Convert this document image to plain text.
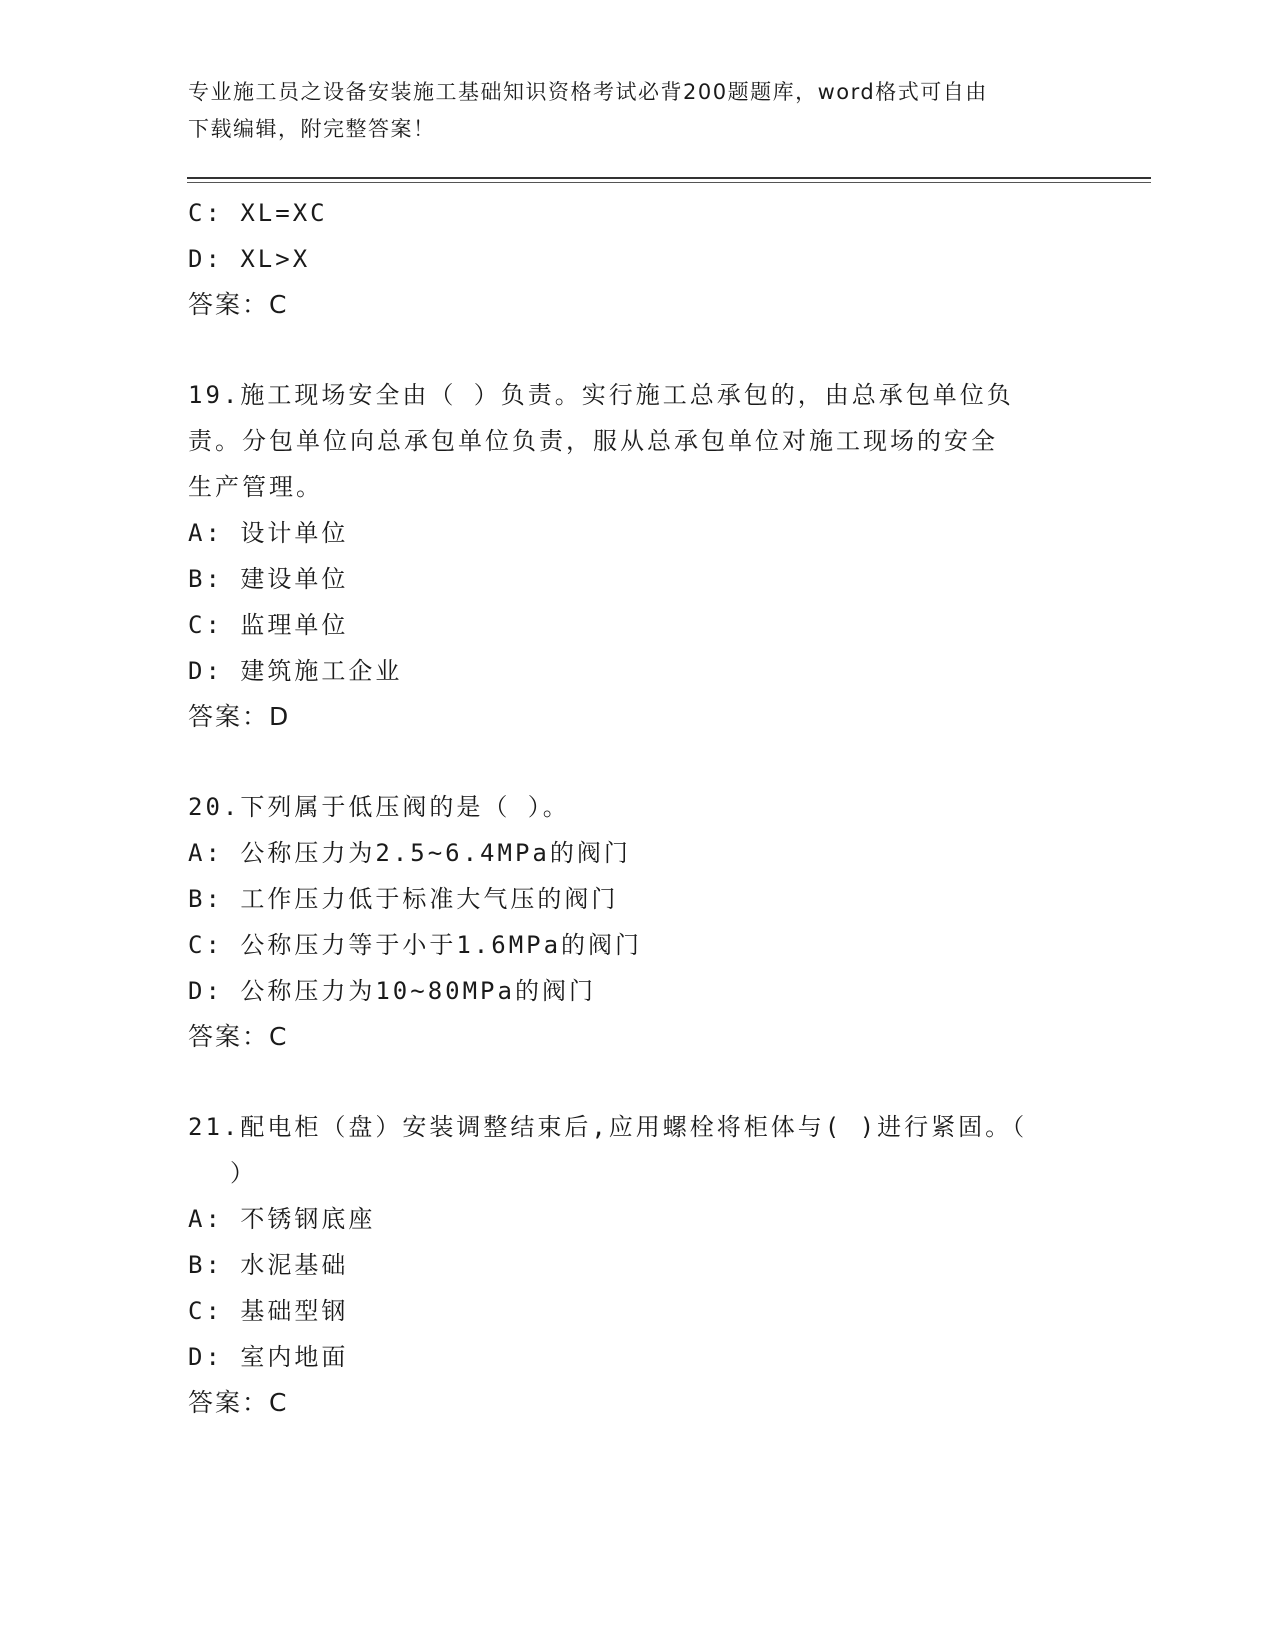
专业施工员之设备安装施工基础知识资格考试必背200题题库，word格式可自由
下载编辑，附完整答案！
C: XL=XC
D: XL>X
答案：C
19.施工现场安全由（ ）负责。实行施工总承包的，由总承包单位负
责。分包单位向总承包单位负责，服从总承包单位对施工现场的安全
生产管理。
A: 设计单位
B: 建设单位
C: 监理单位
D: 建筑施工企业
答案：D
20.下列属于低压阀的是（ ）。
A: 公称压力为2.5~6.4MPa的阀门
B: 工作压力低于标准大气压的阀门
C: 公称压力等于小于1.6MPa的阀门
D: 公称压力为10~80MPa的阀门
答案：C
21.配电柜（盘）安装调整结束后,应用螺栓将柜体与( )进行紧固。（
）
A: 不锈钢底座
B: 水泥基础
C: 基础型钢
D: 室内地面
答案：C
